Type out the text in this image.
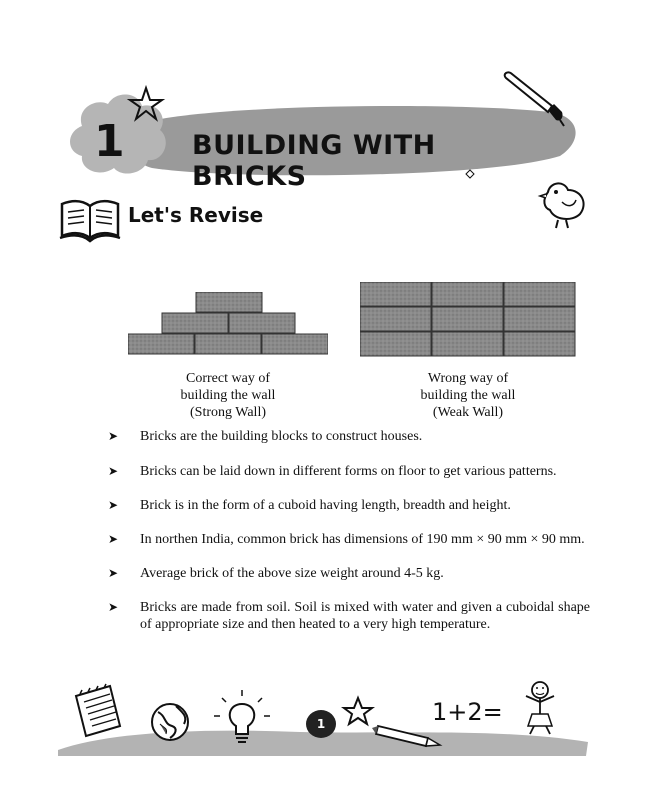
1 BUILDING WITH BRICKS
Let's Revise
Correct way of
building the wall
(Strong Wall)
Wrong way of
building the wall
(Weak Wall)

➤ Bricks are the building blocks to construct houses.

➤ Bricks can be laid down in different forms on floor to get various patterns.

➤ Brick is in the form of a cuboid having length, breadth and height.

➤ In northen India, common brick has dimensions of 190 mm × 90 mm × 90 mm.

➤ Average brick of the above size weight around 4-5 kg.

➤ Bricks are made from soil. Soil is mixed with water and given a cuboidal shape of appropriate size and then heated to a very high temperature.

1	1+2=
